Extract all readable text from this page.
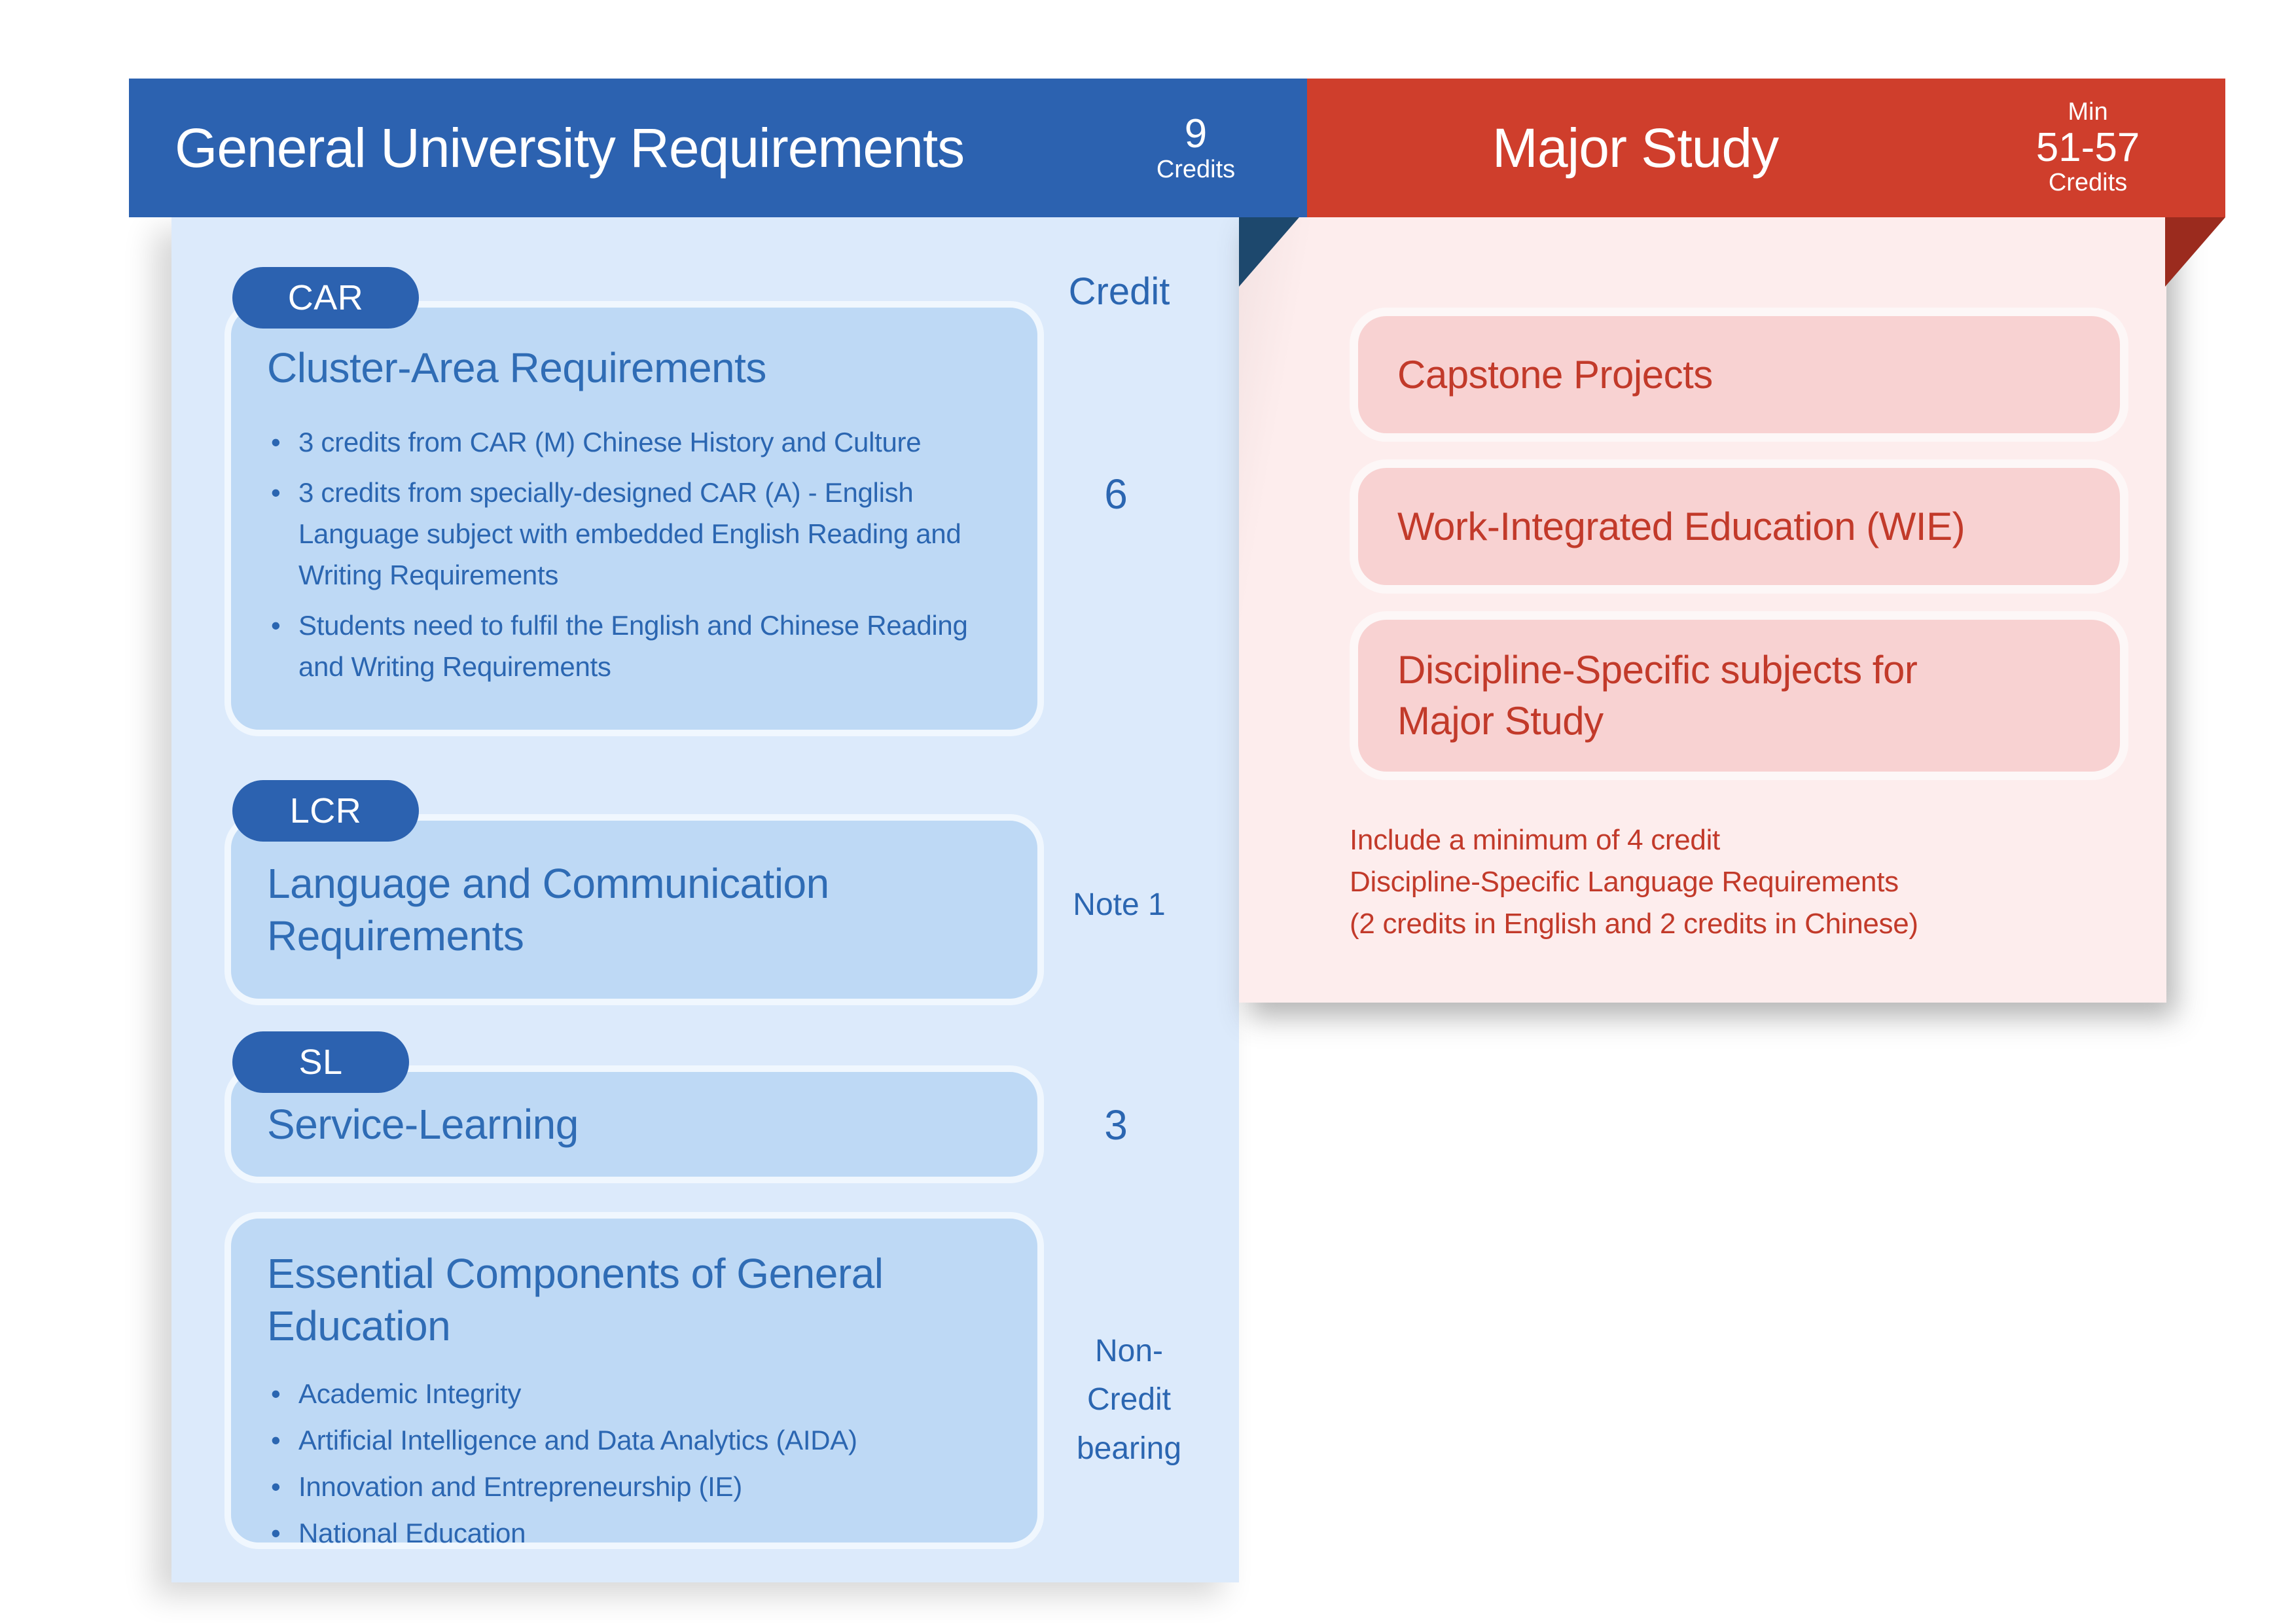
General University Requirements	9
Credits	Major Study
Min
51-57
Credits
Credit
6
Note 1
3
Non-Credit bearing
Cluster-Area Requirements
• 3 credits from CAR (M) Chinese History and Culture
• 3 credits from specially-designed CAR (A) - English Language subject with embedded English Reading and Writing Requirements
• Students need to fulfil the English and Chinese Reading and Writing Requirements
CAR
Language and Communication Requirements
LCR
Service-Learning
SL
Essential Components of General Education
• Academic Integrity
• Artificial Intelligence and Data Analytics (AIDA)
• Innovation and Entrepreneurship (IE)
• National Education
Capstone Projects
Work-Integrated Education (WIE)
Discipline-Specific subjects for Major Study
Include a minimum of 4 credit
Discipline-Specific Language Requirements
(2 credits in English and 2 credits in Chinese)
